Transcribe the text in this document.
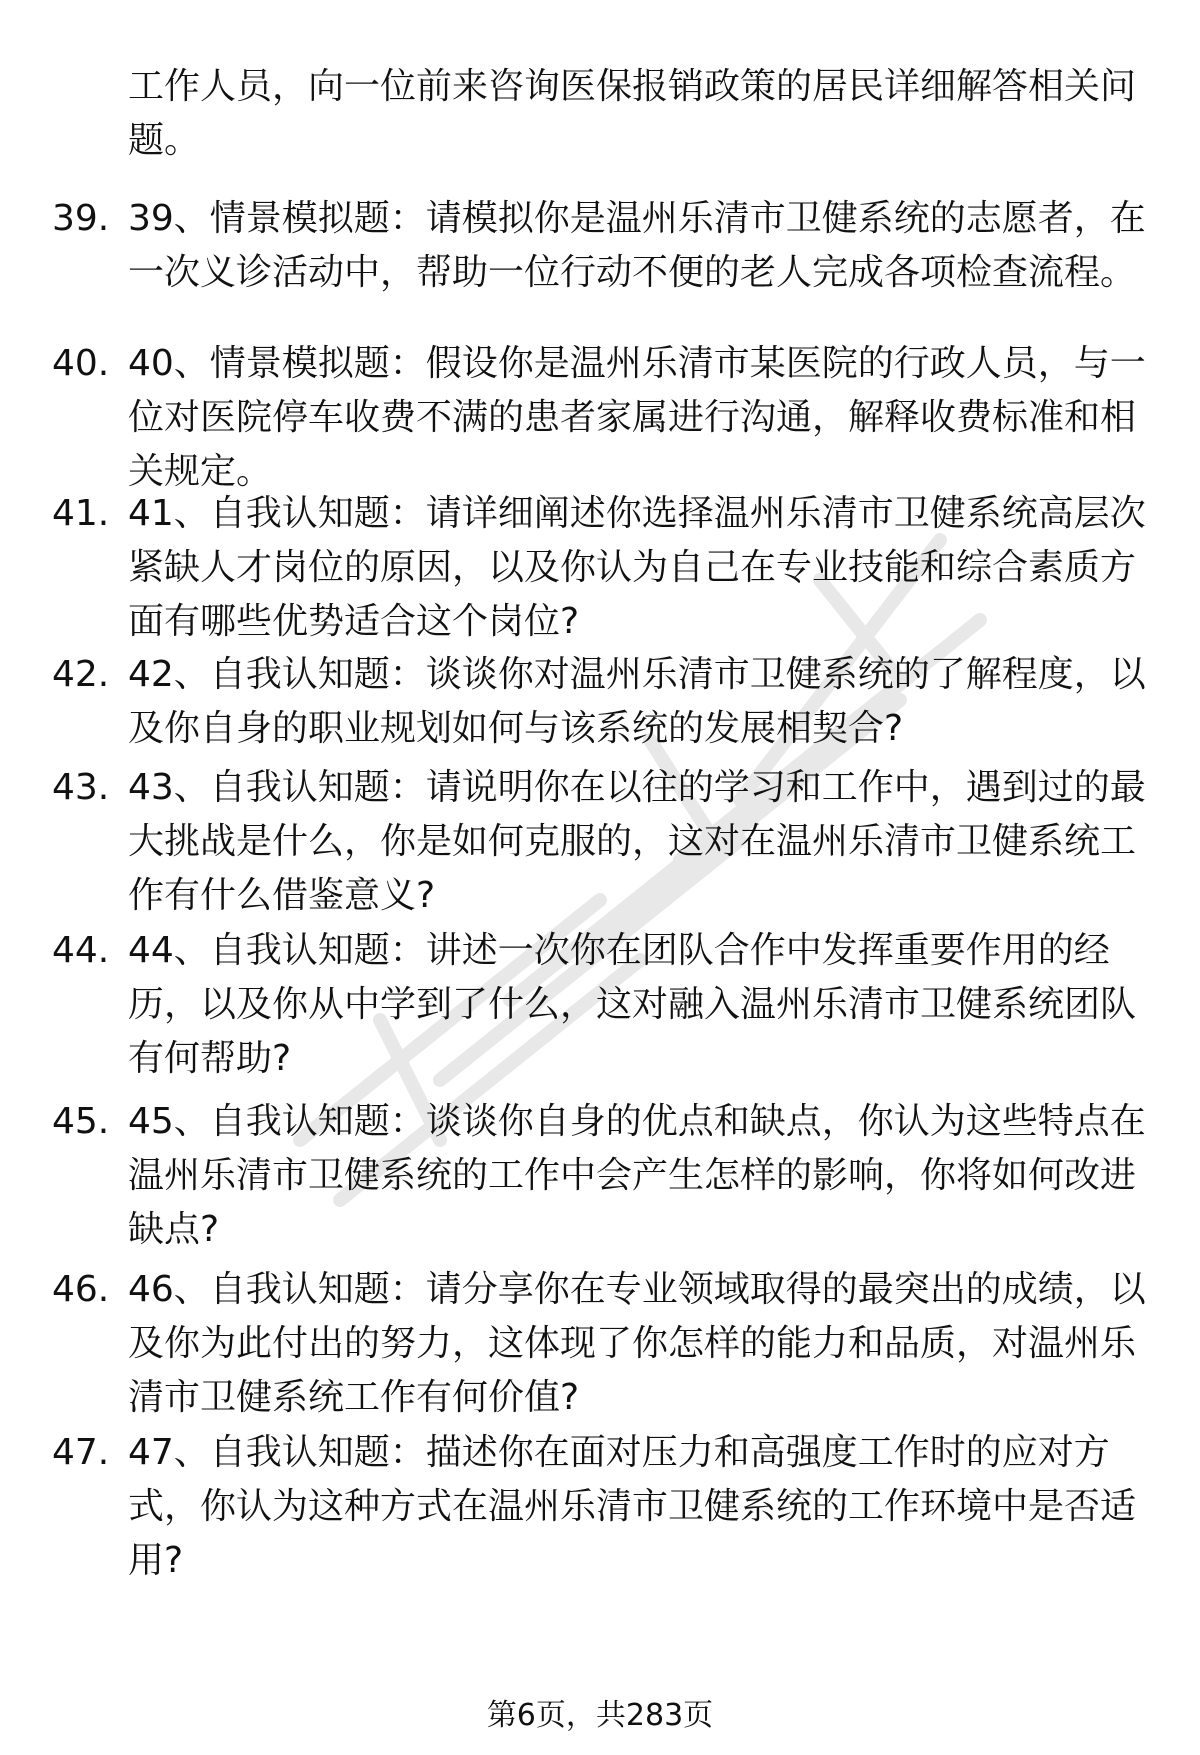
工作人员，向一位前来咨询医保报销政策的居民详细解答相关问题。

39. 39、情景模拟题：请模拟你是温州乐清市卫健系统的志愿者，在一次义诊活动中，帮助一位行动不便的老人完成各项检查流程。
40. 40、情景模拟题：假设你是温州乐清市某医院的行政人员，与一位对医院停车收费不满的患者家属进行沟通，解释收费标准和相关规定。
41. 41、自我认知题：请详细阐述你选择温州乐清市卫健系统高层次紧缺人才岗位的原因，以及你认为自己在专业技能和综合素质方面有哪些优势适合这个岗位?
42. 42、自我认知题：谈谈你对温州乐清市卫健系统的了解程度，以及你自身的职业规划如何与该系统的发展相契合?
43. 43、自我认知题：请说明你在以往的学习和工作中，遇到过的最大挑战是什么，你是如何克服的，这对在温州乐清市卫健系统工作有什么借鉴意义?
44. 44、自我认知题：讲述一次你在团队合作中发挥重要作用的经历，以及你从中学到了什么，这对融入温州乐清市卫健系统团队有何帮助?
45. 45、自我认知题：谈谈你自身的优点和缺点，你认为这些特点在温州乐清市卫健系统的工作中会产生怎样的影响，你将如何改进缺点?
46. 46、自我认知题：请分享你在专业领域取得的最突出的成绩，以及你为此付出的努力，这体现了你怎样的能力和品质，对温州乐清市卫健系统工作有何价值?
47. 47、自我认知题：描述你在面对压力和高强度工作时的应对方式，你认为这种方式在温州乐清市卫健系统的工作环境中是否适用?
第6页，共283页
